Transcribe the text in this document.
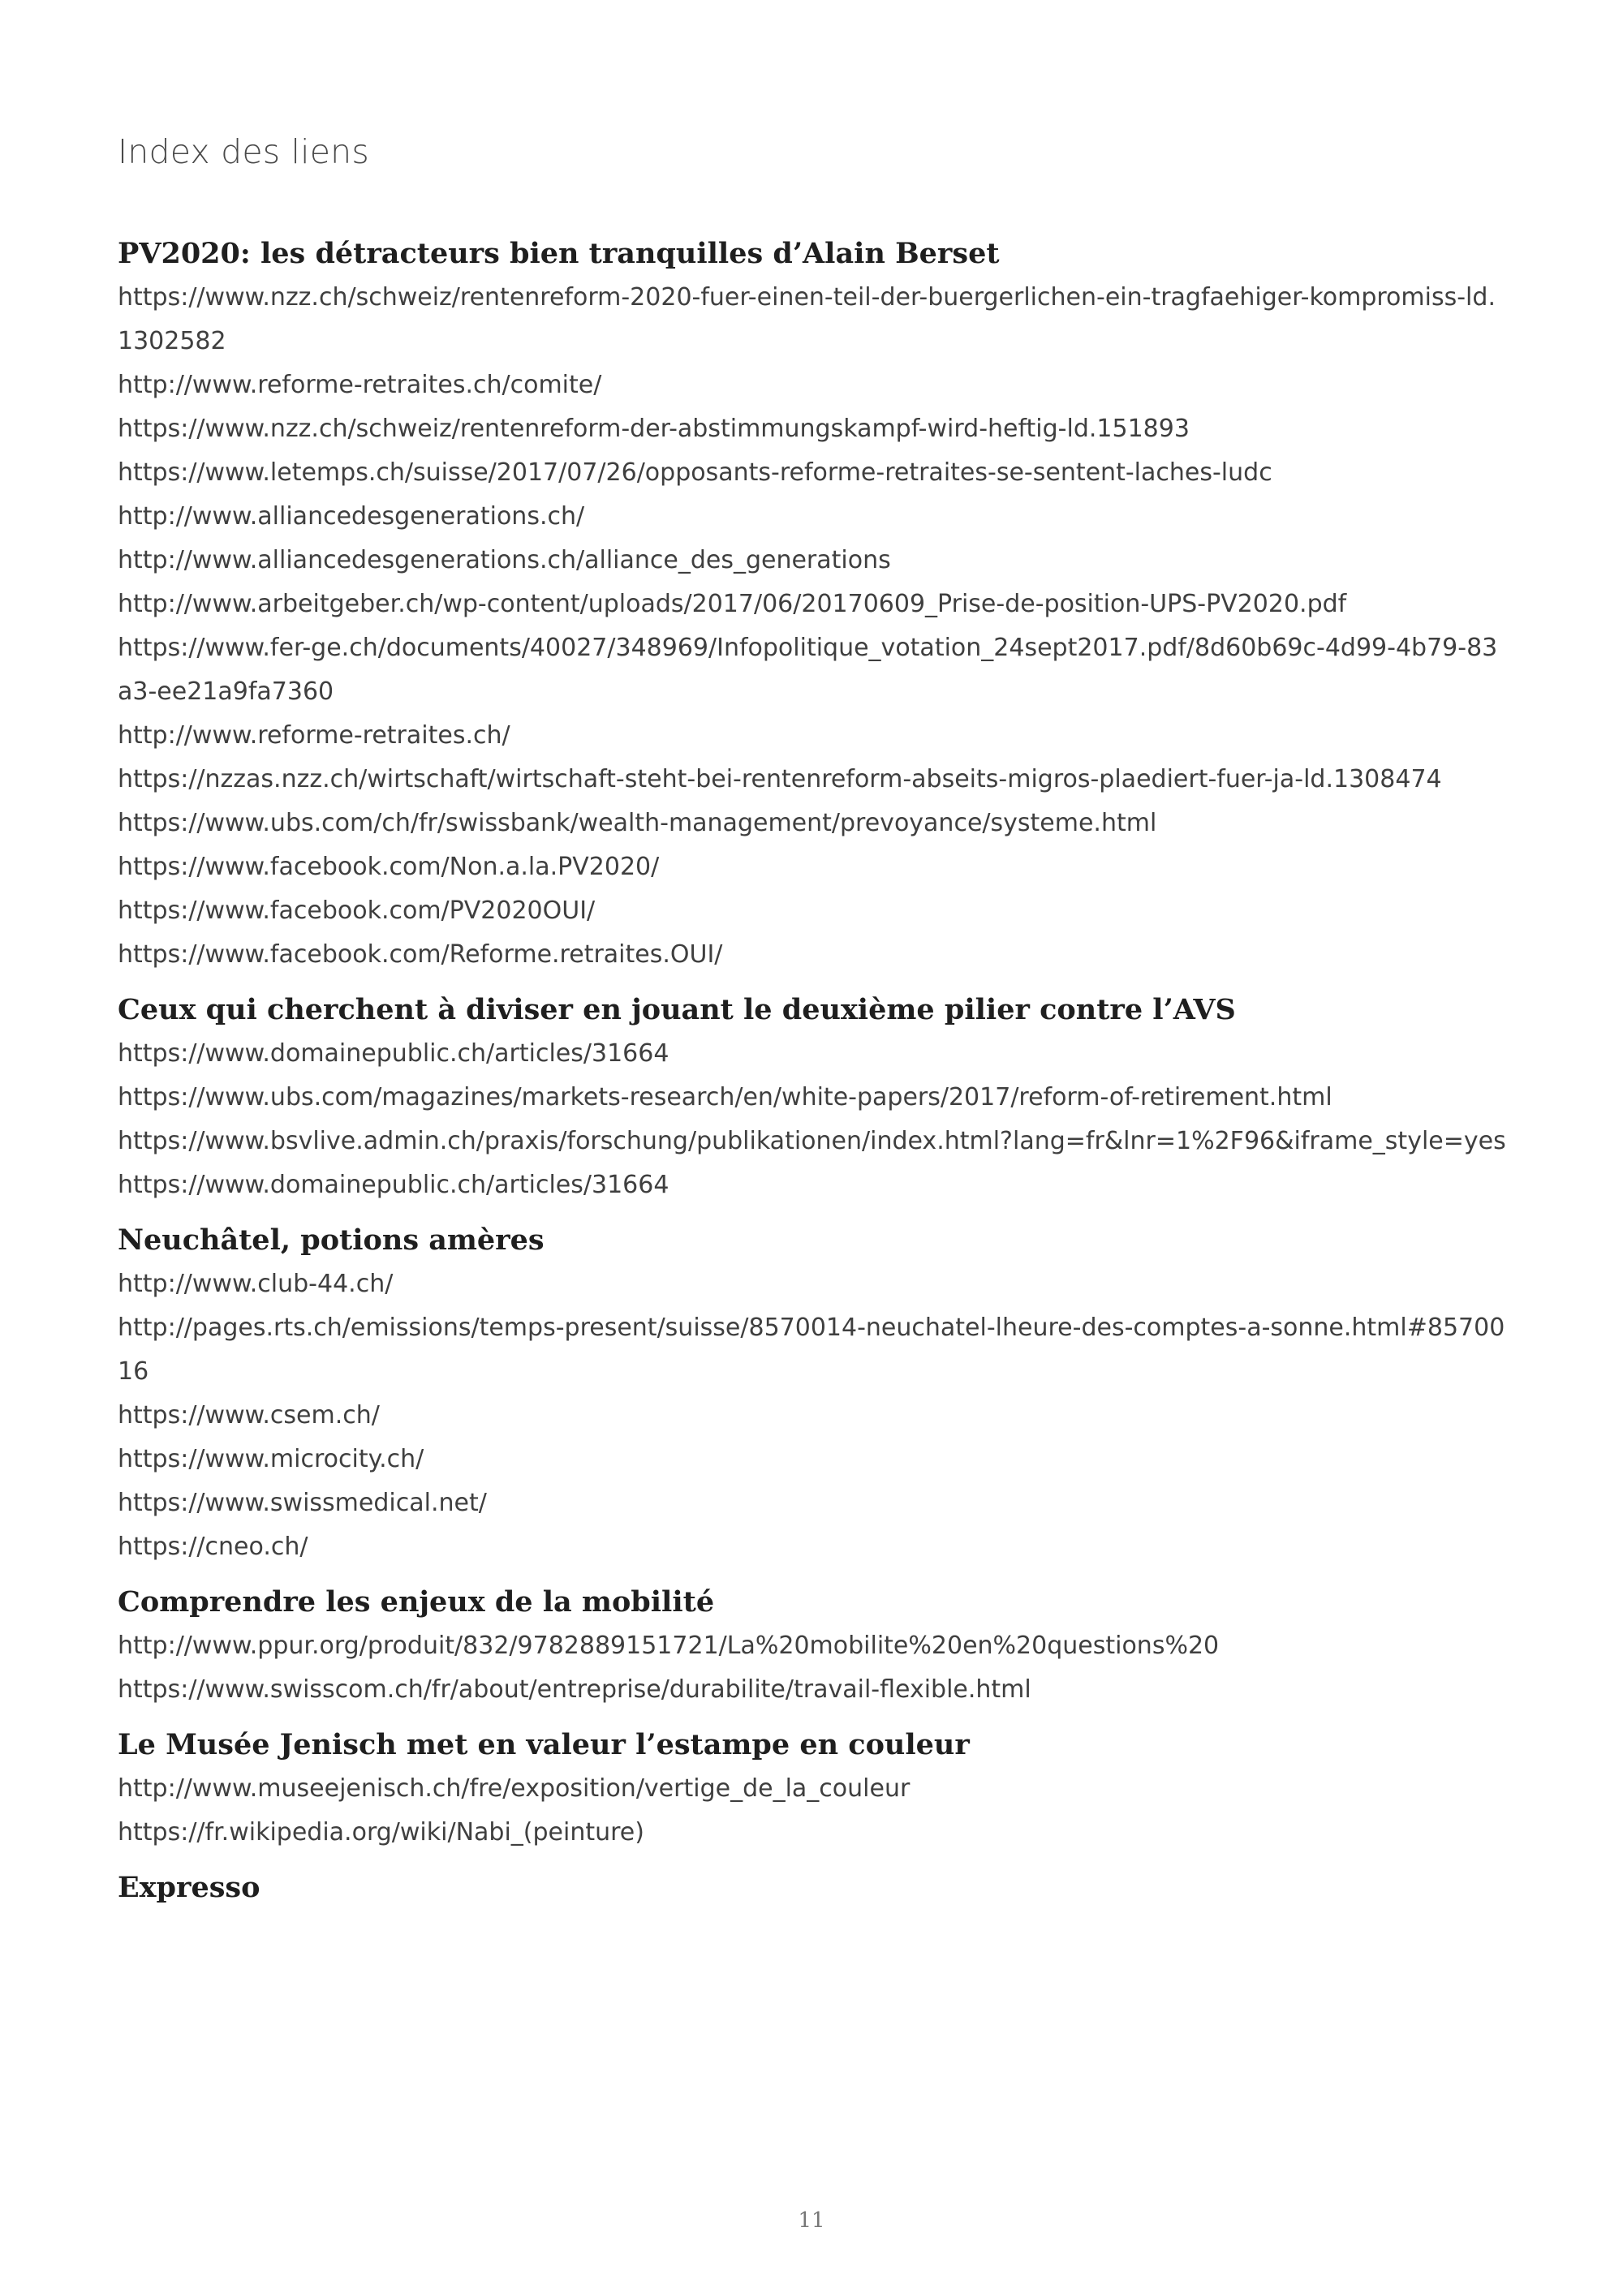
Index des liens
PV2020: les détracteurs bien tranquilles d’Alain Berset
https://www.nzz.ch/schweiz/rentenreform-2020-fuer-einen-teil-der-buergerlichen-ein-tragfaehiger-kompromiss-ld.1302582
http://www.reforme-retraites.ch/comite/
https://www.nzz.ch/schweiz/rentenreform-der-abstimmungskampf-wird-heftig-ld.151893
https://www.letemps.ch/suisse/2017/07/26/opposants-reforme-retraites-se-sentent-laches-ludc
http://www.alliancedesgenerations.ch/
http://www.alliancedesgenerations.ch/alliance_des_generations
http://www.arbeitgeber.ch/wp-content/uploads/2017/06/20170609_Prise-de-position-UPS-PV2020.pdf
https://www.fer-ge.ch/documents/40027/348969/Infopolitique_votation_24sept2017.pdf/8d60b69c-4d99-4b79-83a3-ee21a9fa7360
http://www.reforme-retraites.ch/
https://nzzas.nzz.ch/wirtschaft/wirtschaft-steht-bei-rentenreform-abseits-migros-plaediert-fuer-ja-ld.1308474
https://www.ubs.com/ch/fr/swissbank/wealth-management/prevoyance/systeme.html
https://www.facebook.com/Non.a.la.PV2020/
https://www.facebook.com/PV2020OUI/
https://www.facebook.com/Reforme.retraites.OUI/
Ceux qui cherchent à diviser en jouant le deuxième pilier contre l’AVS
https://www.domainepublic.ch/articles/31664
https://www.ubs.com/magazines/markets-research/en/white-papers/2017/reform-of-retirement.html
https://www.bsvlive.admin.ch/praxis/forschung/publikationen/index.html?lang=fr&lnr=1%2F96&iframe_style=yes
https://www.domainepublic.ch/articles/31664
Neuchâtel, potions amères
http://www.club-44.ch/
http://pages.rts.ch/emissions/temps-present/suisse/8570014-neuchatel-lheure-des-comptes-a-sonne.html#8570016
https://www.csem.ch/
https://www.microcity.ch/
https://www.swissmedical.net/
https://cneo.ch/
Comprendre les enjeux de la mobilité
http://www.ppur.org/produit/832/9782889151721/La%20mobilite%20en%20questions%20
https://www.swisscom.ch/fr/about/entreprise/durabilite/travail-flexible.html
Le Musée Jenisch met en valeur l’estampe en couleur
http://www.museejenisch.ch/fre/exposition/vertige_de_la_couleur
https://fr.wikipedia.org/wiki/Nabi_(peinture)
Expresso
11
